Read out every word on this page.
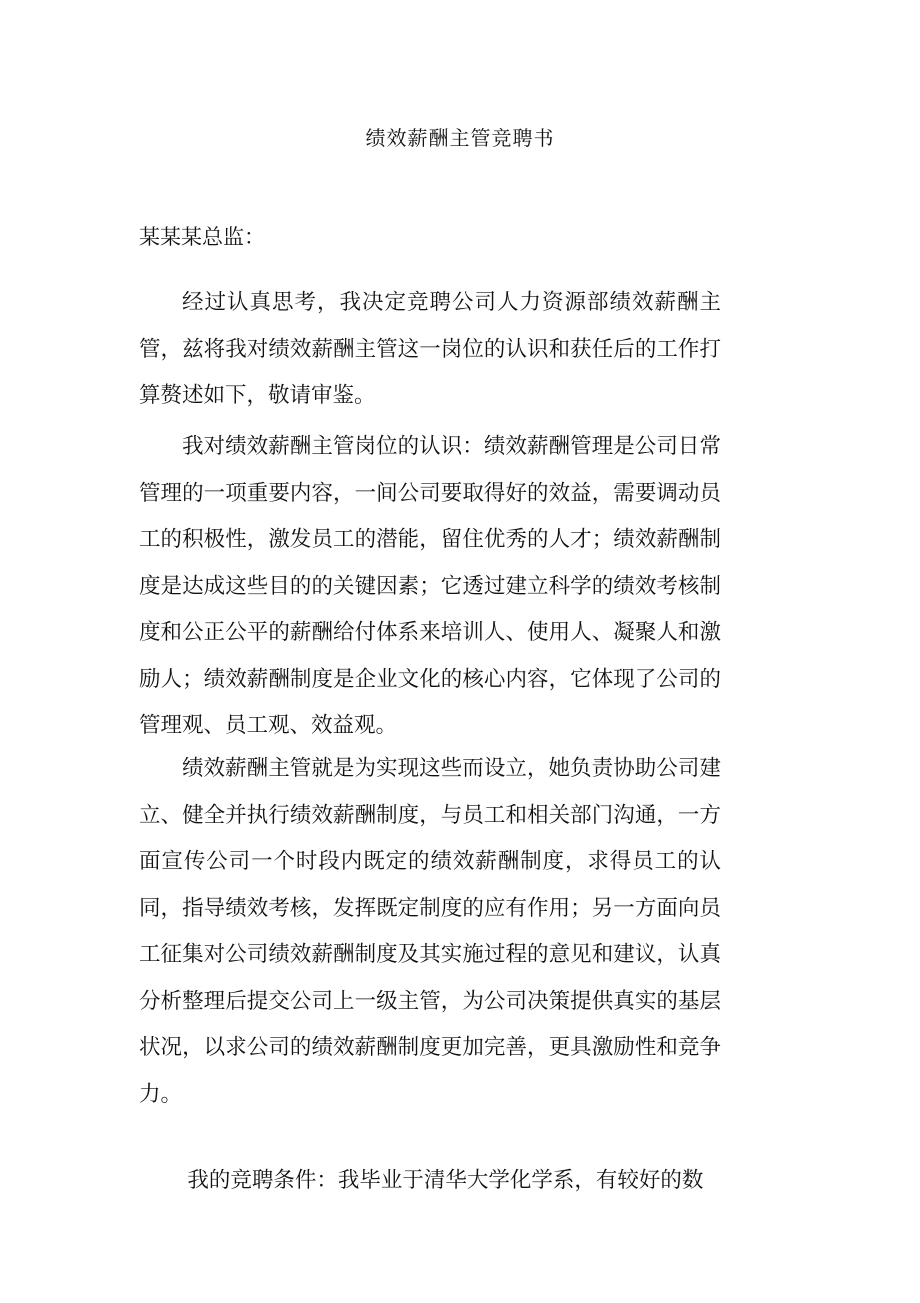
绩效薪酬主管竞聘书
某某某总监：
经过认真思考，我决定竞聘公司人力资源部绩效薪酬主管，兹将我对绩效薪酬主管这一岗位的认识和获任后的工作打算赘述如下，敬请审鉴。
我对绩效薪酬主管岗位的认识：绩效薪酬管理是公司日常管理的一项重要内容，一间公司要取得好的效益，需要调动员工的积极性，激发员工的潜能，留住优秀的人才；绩效薪酬制度是达成这些目的的关键因素；它透过建立科学的绩效考核制度和公正公平的薪酬给付体系来培训人、使用人、凝聚人和激励人；绩效薪酬制度是企业文化的核心内容，它体现了公司的管理观、员工观、效益观。
绩效薪酬主管就是为实现这些而设立，她负责协助公司建立、健全并执行绩效薪酬制度，与员工和相关部门沟通，一方面宣传公司一个时段内既定的绩效薪酬制度，求得员工的认同，指导绩效考核，发挥既定制度的应有作用；另一方面向员工征集对公司绩效薪酬制度及其实施过程的意见和建议，认真分析整理后提交公司上一级主管，为公司决策提供真实的基层状况，以求公司的绩效薪酬制度更加完善，更具激励性和竞争力。
我的竞聘条件：我毕业于清华大学化学系，有较好的数
